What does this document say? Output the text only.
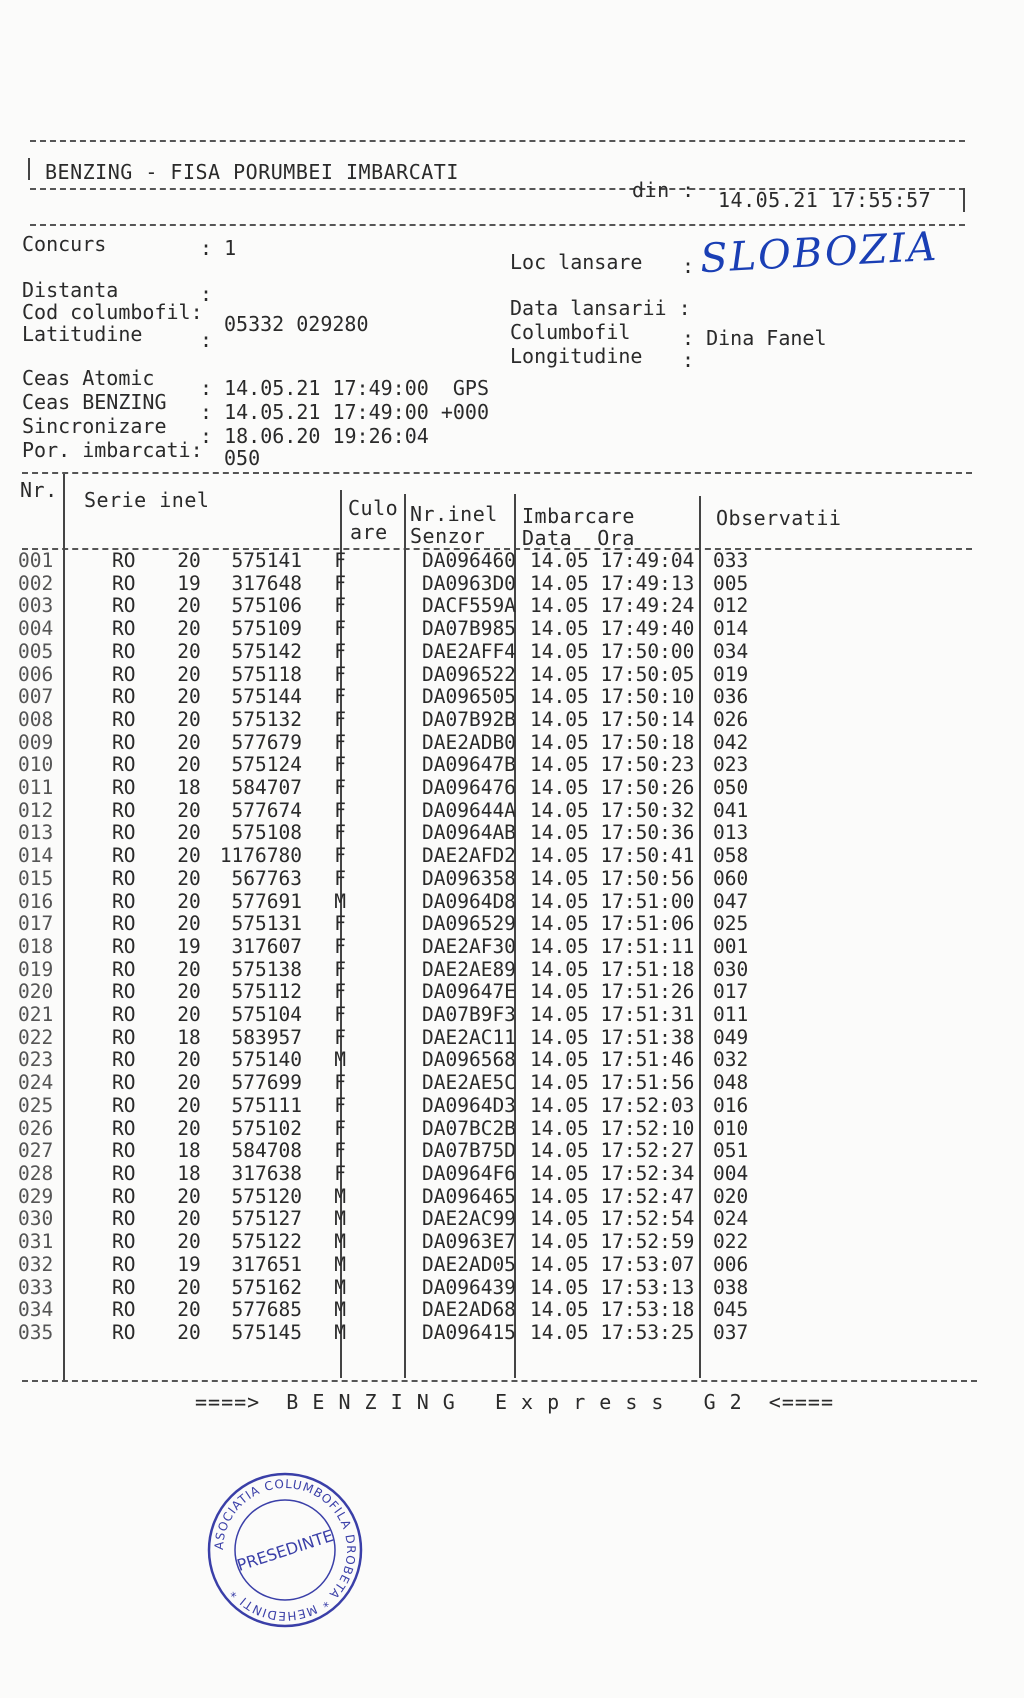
BENZING - FISA PORUMBEI IMBARCATI
din : 14.05.21 17:55:57
Concurs	: 1
Loc lansare : SLOBOZIA
Distanta	:
Cod columbofil: 05332 029280
Latitudine	:
Data lansarii :
Columbofil	: Dina Fanel
Longitudine :
Ceas Atomic : 14.05.21 17:49:00  GPS
Ceas BENZING : 14.05.21 17:49:00 +000
Sincronizare : 18.06.20 19:26:04
Por. imbarcati: 050
Nr. Serie inel	Culo
are
Nr.inel
Senzor
Imbarcare
Data  Ora
Observatii
001	RO	20	575141	F		DA096460	14.05 17:49:04	033
002	RO	19	317648	F		DA0963D0	14.05 17:49:13	005
003	RO	20	575106	F		DACF559A	14.05 17:49:24	012
004	RO	20	575109	F		DA07B985	14.05 17:49:40	014
005	RO	20	575142	F		DAE2AFF4	14.05 17:50:00	034
006	RO	20	575118	F		DA096522	14.05 17:50:05	019
007	RO	20	575144	F		DA096505	14.05 17:50:10	036
008	RO	20	575132	F		DA07B92B	14.05 17:50:14	026
009	RO	20	577679	F		DAE2ADB0	14.05 17:50:18	042
010	RO	20	575124	F		DA09647B	14.05 17:50:23	023
011	RO	18	584707	F		DA096476	14.05 17:50:26	050
012	RO	20	577674	F		DA09644A	14.05 17:50:32	041
013	RO	20	575108	F		DA0964AB	14.05 17:50:36	013
014	RO	20	1176780	F		DAE2AFD2	14.05 17:50:41	058
015	RO	20	567763	F		DA096358	14.05 17:50:56	060
016	RO	20	577691	M		DA0964D8	14.05 17:51:00	047
017	RO	20	575131	F		DA096529	14.05 17:51:06	025
018	RO	19	317607	F		DAE2AF30	14.05 17:51:11	001
019	RO	20	575138	F		DAE2AE89	14.05 17:51:18	030
020	RO	20	575112	F		DA09647E	14.05 17:51:26	017
021	RO	20	575104	F		DA07B9F3	14.05 17:51:31	011
022	RO	18	583957	F		DAE2AC11	14.05 17:51:38	049
023	RO	20	575140	M		DA096568	14.05 17:51:46	032
024	RO	20	577699	F		DAE2AE5C	14.05 17:51:56	048
025	RO	20	575111	F		DA0964D3	14.05 17:52:03	016
026	RO	20	575102	F		DA07BC2B	14.05 17:52:10	010
027	RO	18	584708	F		DA07B75D	14.05 17:52:27	051
028	RO	18	317638	F		DA0964F6	14.05 17:52:34	004
029	RO	20	575120	M		DA096465	14.05 17:52:47	020
030	RO	20	575127	M		DAE2AC99	14.05 17:52:54	024
031	RO	20	575122	M		DA0963E7	14.05 17:52:59	022
032	RO	19	317651	M		DAE2AD05	14.05 17:53:07	006
033	RO	20	575162	M		DA096439	14.05 17:53:13	038
034	RO	20	577685	M		DAE2AD68	14.05 17:53:18	045
035	RO	20	575145	M		DA096415	14.05 17:53:25	037
====>  B E N Z I N G   E x p r e s s   G 2  <====
ASOCIATIA COLUMBOFILA DROBETA * MEHEDINTI *
PRESEDINTE
